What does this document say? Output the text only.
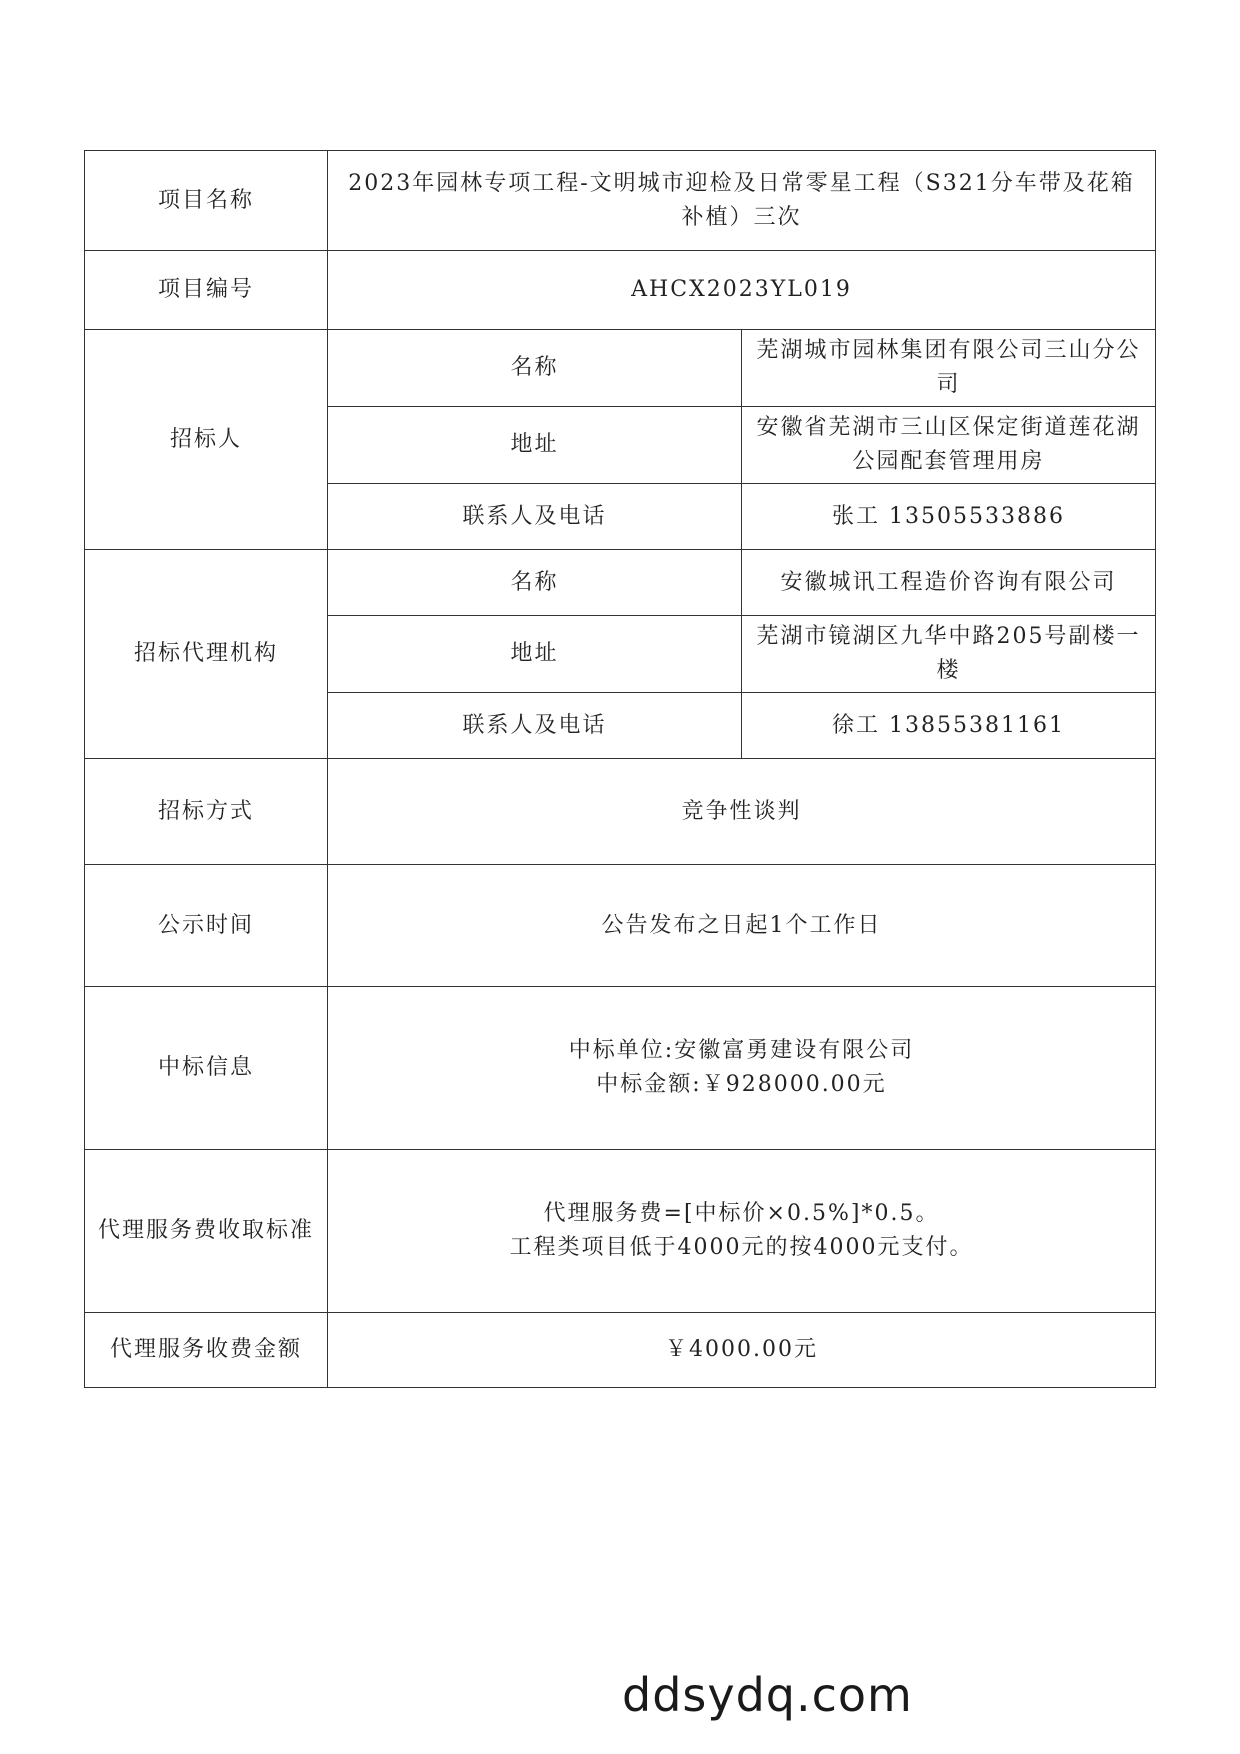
项目名称	2023年园林专项工程-文明城市迎检及日常零星工程（S321分车带及花箱补植）三次	
项目编号	AHCX2023YL019	
招标人	名称	芜湖城市园林集团有限公司三山分公司
	地址	安徽省芜湖市三山区保定街道莲花湖公园配套管理用房
	联系人及电话	张工 13505533886
招标代理机构	名称	安徽城讯工程造价咨询有限公司
	地址	芜湖市镜湖区九华中路205号副楼一楼
	联系人及电话	徐工 13855381161
招标方式	竞争性谈判	
公示时间	公告发布之日起1个工作日	
中标信息	中标单位:安徽富勇建设有限公司
中标金额:￥928000.00元	

代理服务费收取标准	代理服务费=[中标价×0.5%]*0.5。
工程类项目低于4000元的按4000元支付。	

代理服务收费金额	￥4000.00元	
ddsydq.com
